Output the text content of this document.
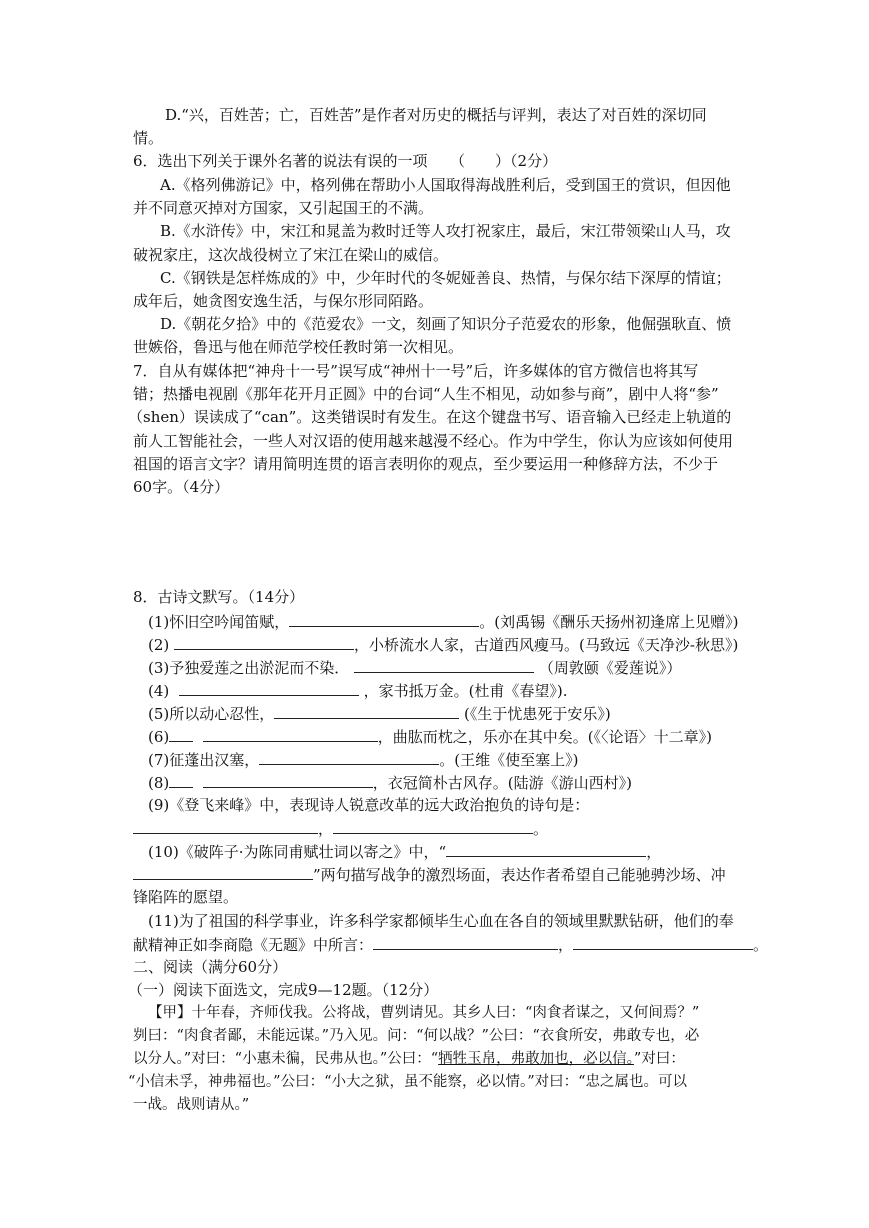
D.“兴，百姓苦；亡，百姓苦”是作者对历史的概括与评判，表达了对百姓的深切同
情。
6．选出下列关于课外名著的说法有误的一项　　（　　）（2分）
A.《格列佛游记》中，格列佛在帮助小人国取得海战胜利后，受到国王的赏识，但因他
并不同意灭掉对方国家，又引起国王的不满。
B.《水浒传》中，宋江和晁盖为救时迁等人攻打祝家庄，最后，宋江带领梁山人马，攻
破祝家庄，这次战役树立了宋江在梁山的威信。
C.《钢铁是怎样炼成的》中，少年时代的冬妮娅善良、热情，与保尔结下深厚的情谊；
成年后，她贪图安逸生活，与保尔形同陌路。
D.《朝花夕拾》中的《范爱农》一文，刻画了知识分子范爱农的形象，他倔强耿直、愤
世嫉俗，鲁迅与他在师范学校任教时第一次相见。
7．自从有媒体把“神舟十一号”误写成“神州十一号”后，许多媒体的官方微信也将其写
错；热播电视剧《那年花开月正圆》中的台词“人生不相见，动如参与商”，剧中人将“参”
（shen）误读成了“can”。这类错误时有发生。在这个键盘书写、语音输入已经走上轨道的
前人工智能社会，一些人对汉语的使用越来越漫不经心。作为中学生，你认为应该如何使用
祖国的语言文字？请用简明连贯的语言表明你的观点，至少要运用一种修辞方法，不少于
60字。（4分）
8．古诗文默写。（14分）
(1)怀旧空吟闻笛赋，	。(刘禹锡《酬乐天扬州初逢席上见赠》)
(2)	，小桥流水人家，古道西风瘦马。(马致远《天净沙-秋思》)
(3)予独爱莲之出淤泥而不染．	（周敦颐《爱莲说》）
(4)	，家书抵万金。(杜甫《春望》).
(5)所以动心忍性，	(《生于忧患死于安乐》)
(6)	，曲肱而枕之，乐亦在其中矣。(《〈论语〉十二章》)
(7)征蓬出汉塞，	。(王维《使至塞上》)
(8)	，衣冠简朴古风存。(陆游《游山西村》)
(9)《登飞来峰》中，表现诗人锐意改革的远大政治抱负的诗句是：
，	。
(10)《破阵子·为陈同甫赋壮词以寄之》中，“	，
”两句描写战争的激烈场面，表达作者希望自己能驰骋沙场、冲
锋陷阵的愿望。
(11)为了祖国的科学事业，许多科学家都倾毕生心血在各自的领域里默默钻研，他们的奉
献精神正如李商隐《无题》中所言：	，	。
二、阅读（满分60分）
（一）阅读下面选文，完成9—12题。（12分）
【甲】十年春，齐师伐我。公将战，曹刿请见。其乡人曰：“肉食者谋之，又何间焉？”
刿曰：“肉食者鄙，未能远谋。”乃入见。问：“何以战？”公曰：“衣食所安，弗敢专也，必
以分人。”对曰：“小惠未徧，民弗从也。”公曰：“牺牲玉帛，弗敢加也，必以信。”对曰：
“小信未孚，神弗福也。”公曰：“小大之狱，虽不能察，必以情。”对曰：“忠之属也。可以
一战。战则请从。”
